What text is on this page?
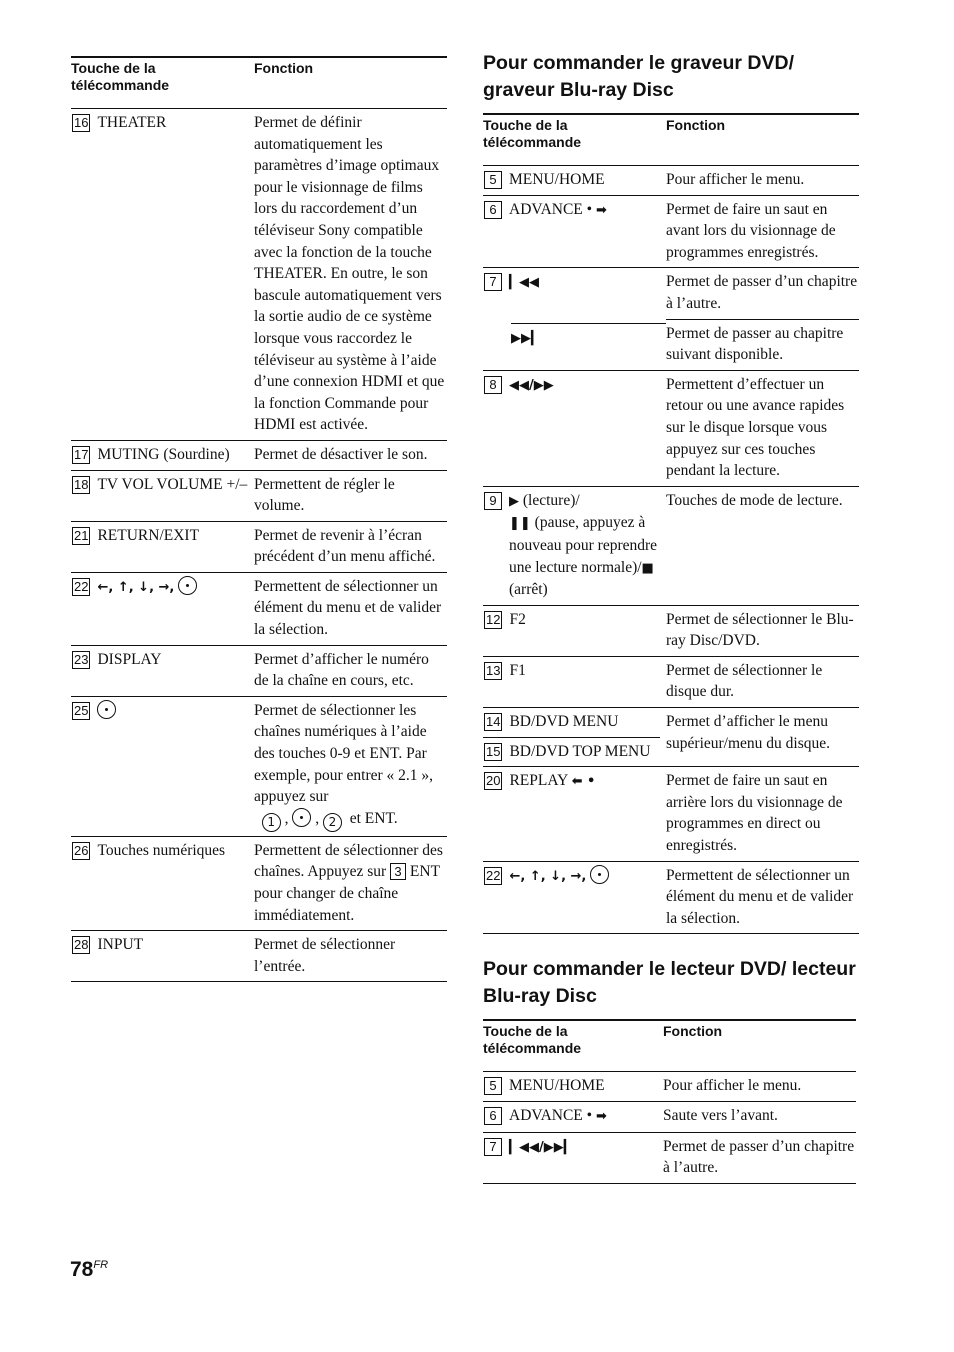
Touche de la télécommande	Fonction

16 THEATER	Permet de définir automatiquement les paramètres d’image optimaux pour le visionnage de films lors du raccordement d’un téléviseur Sony compatible avec la fonction de la touche THEATER. En outre, le son bascule automatiquement vers la sortie audio de ce système lorsque vous raccordez le téléviseur au système à l’aide d’une connexion HDMI et que la fonction Commande pour HDMI est activée.

17 MUTING (Sourdine)	Permet de désactiver le son.

18 TV VOL VOLUME +/–	Permettent de régler le volume.

21 RETURN/EXIT	Permet de revenir à l’écran précédent d’un menu affiché.

22 ←, ↑, ↓, →,	Permettent de sélectionner un élément du menu et de valider la sélection.

23 DISPLAY	Permet d’afficher le numéro de la chaîne en cours, etc.

25	Permet de sélectionner les chaînes numériques à l’aide des touches 0-9 et ENT. Par exemple, pour entrer « 2.1 », appuyez sur
1 ,  , 2 et ENT.

26 Touches numériques	Permettent de sélectionner des chaînes. Appuyez sur 3 ENT pour changer de chaîne immédiatement.

28 INPUT	Permet de sélectionner l’entrée.
Pour commander le graveur DVD/ graveur Blu-ray Disc
Touche de la télécommande	Fonction

5 MENU/HOME	Pour afficher le menu.

6 ADVANCE • ➡	Permet de faire un saut en avant lors du visionnage de programmes enregistrés.

7 ▎◀◀	Permet de passer d’un chapitre à l’autre.

▶▶▎	Permet de passer au chapitre suivant disponible.

8 ◀◀/▶▶	Permettent d’effectuer un retour ou une avance rapides sur le disque lorsque vous appuyez sur ces touches pendant la lecture.

9 ▶ (lecture)/
❚❚ (pause, appuyez à nouveau pour reprendre une lecture normale)/■ (arrêt)	Touches de mode de lecture.

12 F2	Permet de sélectionner le Blu-ray Disc/DVD.

13 F1	Permet de sélectionner le disque dur.

14 BD/DVD MENU
15 BD/DVD TOP MENU	Permet d’afficher le menu supérieur/menu du disque.

20 REPLAY ⬅ •	Permet de faire un saut en arrière lors du visionnage de programmes en direct ou enregistrés.

22 ←, ↑, ↓, →,	Permettent de sélectionner un élément du menu et de valider la sélection.
Pour commander le lecteur DVD/ lecteur Blu-ray Disc
Touche de la télécommande	Fonction

5 MENU/HOME	Pour afficher le menu.

6 ADVANCE • ➡	Saute vers l’avant.

7 ▎◀◀/▶▶▎	Permet de passer d’un chapitre à l’autre.
$78^{FR}$
